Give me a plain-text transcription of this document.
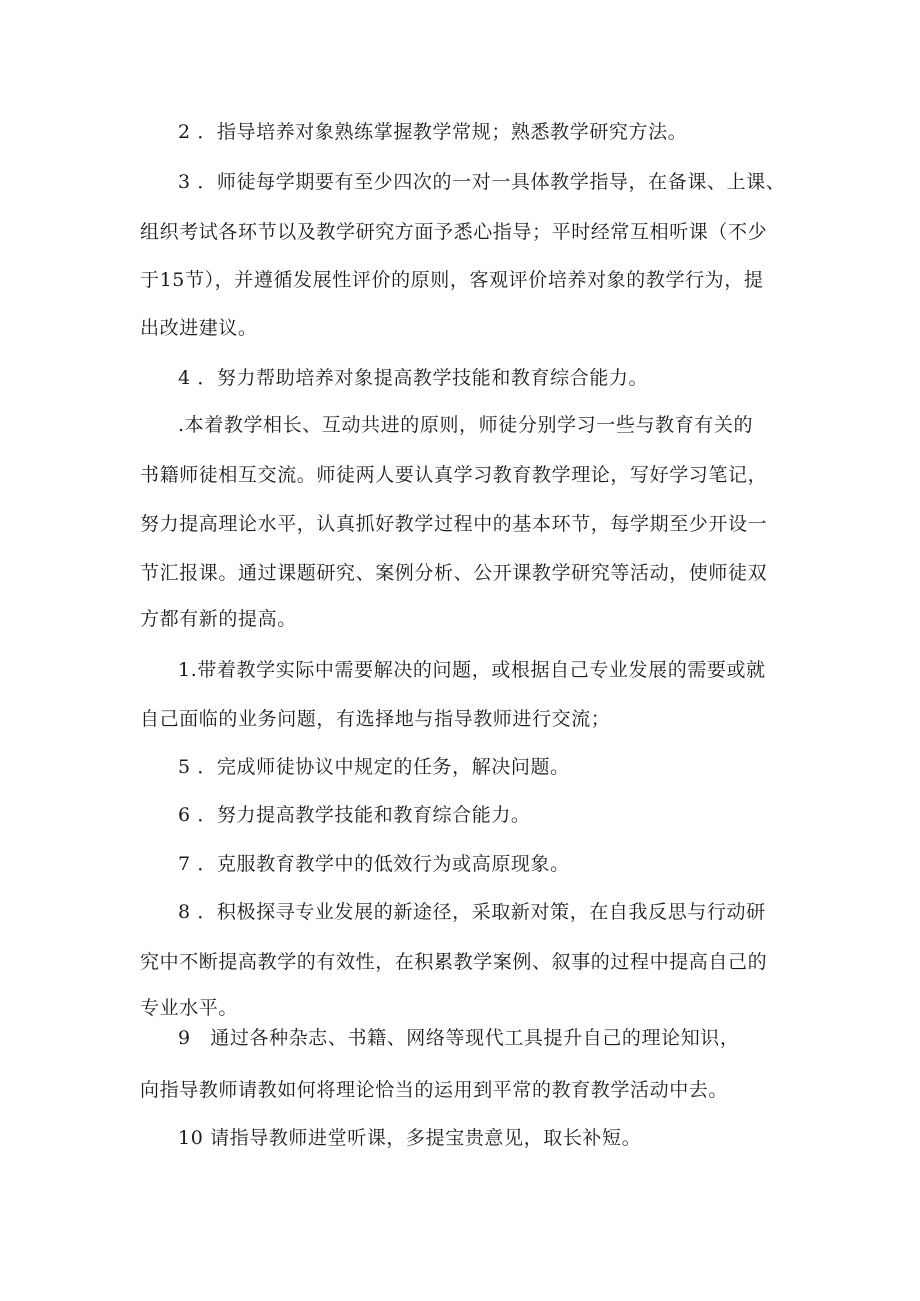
2 ．指导培养对象熟练掌握教学常规；熟悉教学研究方法。
3 ．师徒每学期要有至少四次的一对一具体教学指导，在备课、上课、
组织考试各环节以及教学研究方面予悉心指导；平时经常互相听课（不少
于15节），并遵循发展性评价的原则，客观评价培养对象的教学行为，提
出改进建议。
4 ．努力帮助培养对象提高教学技能和教育综合能力。
.本着教学相长、互动共进的原则，师徒分别学习一些与教育有关的
书籍师徒相互交流。师徒两人要认真学习教育教学理论，写好学习笔记，
努力提高理论水平，认真抓好教学过程中的基本环节，每学期至少开设一
节汇报课。通过课题研究、案例分析、公开课教学研究等活动，使师徒双
方都有新的提高。
1.带着教学实际中需要解决的问题，或根据自己专业发展的需要或就
自己面临的业务问题，有选择地与指导教师进行交流；
5 ．完成师徒协议中规定的任务，解决问题。
6 ．努力提高教学技能和教育综合能力。
7 ．克服教育教学中的低效行为或高原现象。
8 ．积极探寻专业发展的新途径，采取新对策，在自我反思与行动研
究中不断提高教学的有效性，在积累教学案例、叙事的过程中提高自己的
专业水平。
9　通过各种杂志、书籍、网络等现代工具提升自己的理论知识，
向指导教师请教如何将理论恰当的运用到平常的教育教学活动中去。
10 请指导教师进堂听课，多提宝贵意见，取长补短。
